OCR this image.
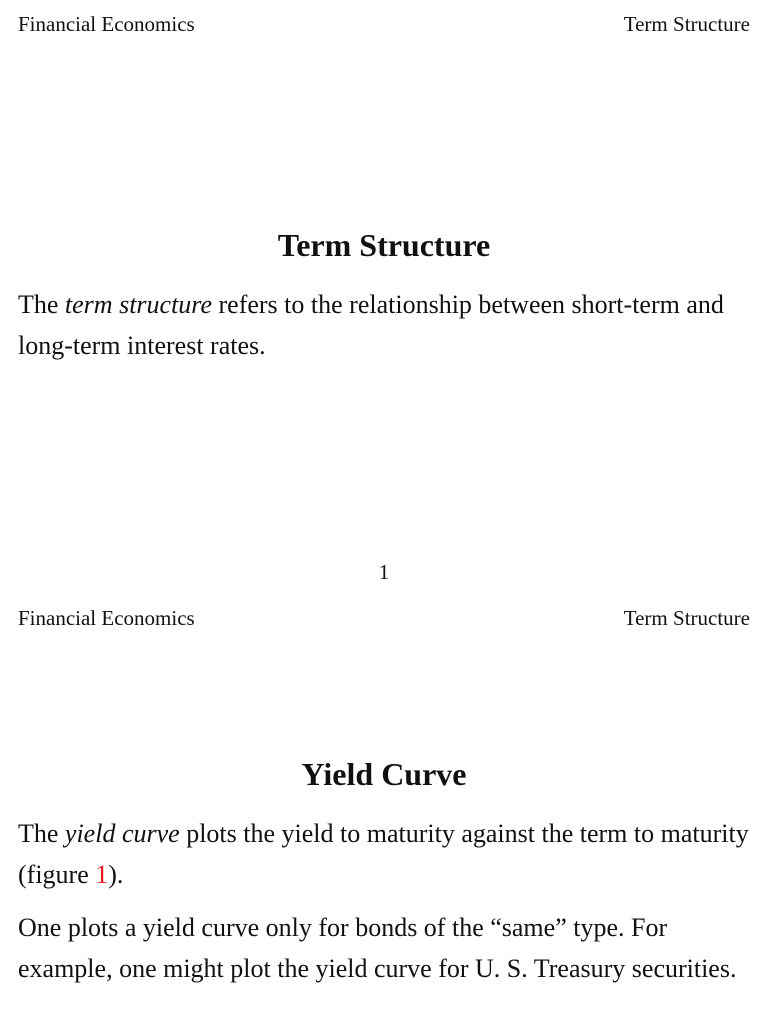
Financial Economics	Term Structure
Term Structure

The term structure refers to the relationship between short-term and long-term interest rates.

1
Financial Economics	Term Structure
Yield Curve

The yield curve plots the yield to maturity against the term to maturity (figure 1).

One plots a yield curve only for bonds of the “same” type. For example, one might plot the yield curve for U. S. Treasury securities.
